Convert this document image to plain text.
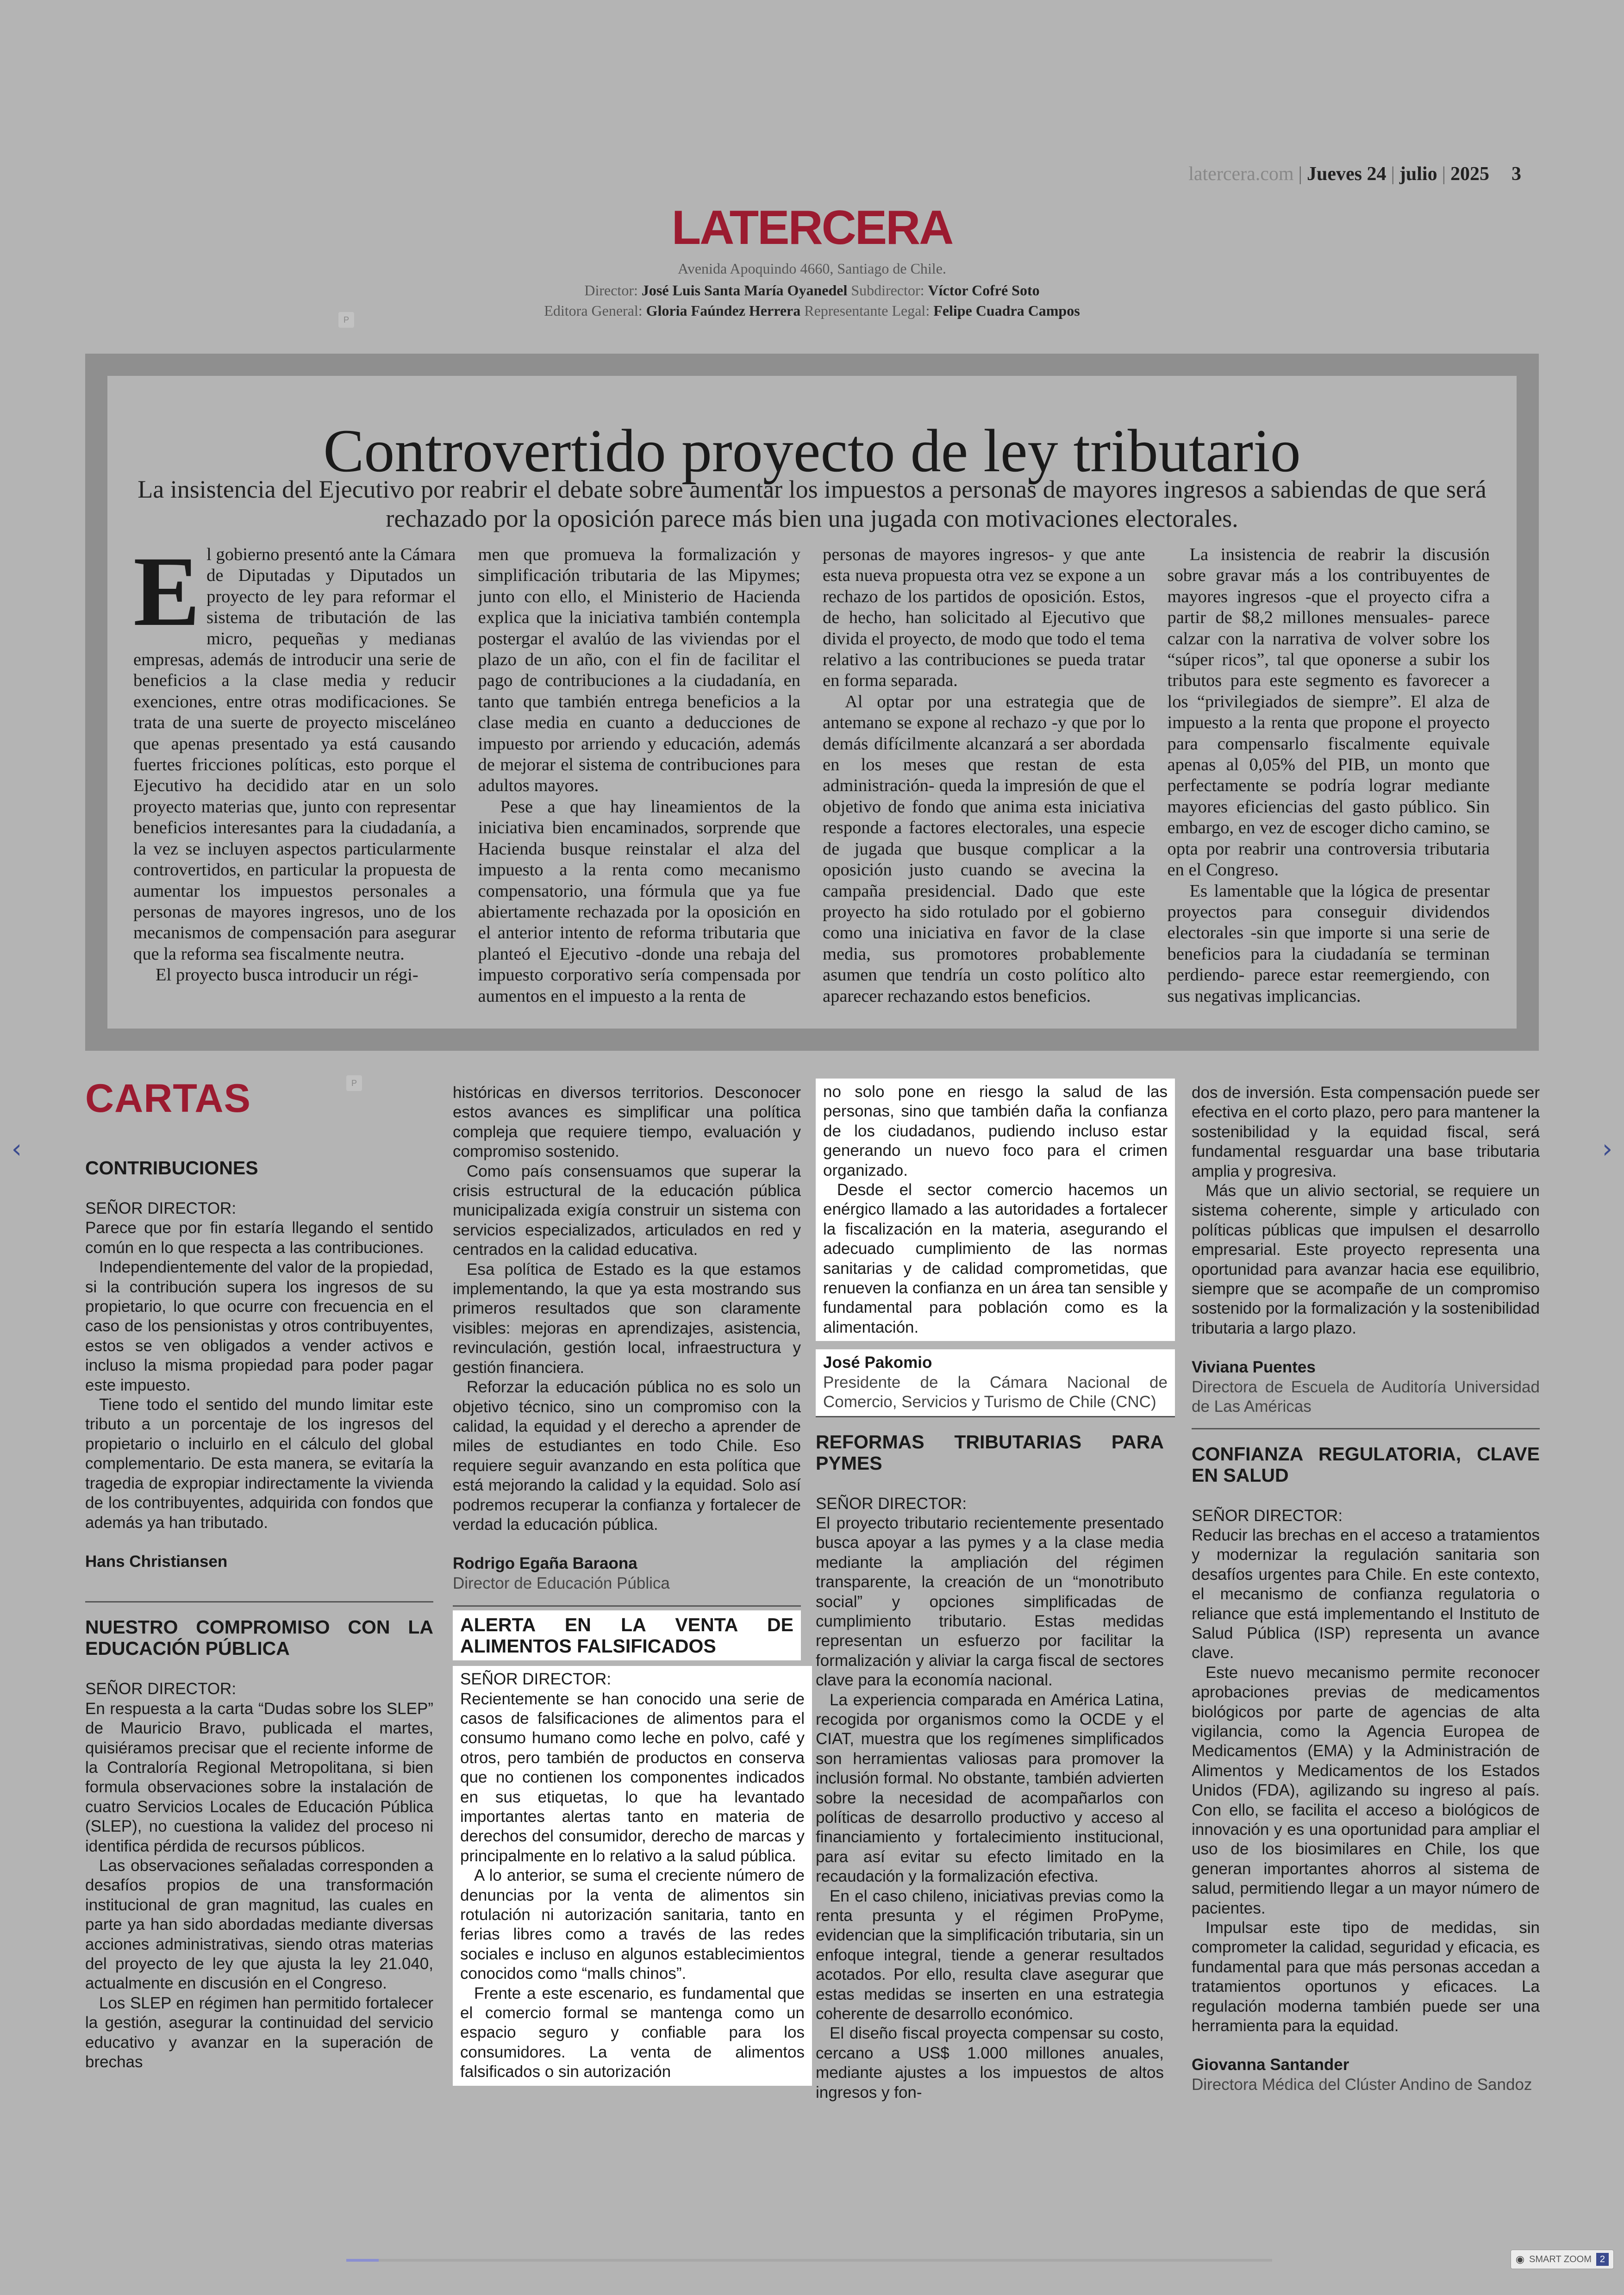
latercera.com | Jueves 24 | julio | 2025 3
LATERCERA
Avenida Apoquindo 4660, Santiago de Chile.
Director: José Luis Santa María Oyanedel Subdirector: Víctor Cofré Soto
Editora General: Gloria Faúndez Herrera Representante Legal: Felipe Cuadra Campos
P
Controvertido proyecto de ley tributario
La insistencia del Ejecutivo por reabrir el debate sobre aumentar los impuestos a personas de mayores ingresos a sabiendas de que será rechazado por la oposición parece más bien una jugada con motivaciones electorales.

El gobierno presentó ante la Cámara de Diputadas y Diputados un proyecto de ley para reformar el sistema de tributación de las micro, pequeñas y medianas empresas, además de introducir una serie de beneficios a la clase media y reducir exenciones, entre otras modificaciones. Se trata de una suerte de proyecto misceláneo que apenas presentado ya está causando fuertes fricciones políticas, esto porque el Ejecutivo ha decidido atar en un solo proyecto materias que, junto con representar beneficios interesantes para la ciudadanía, a la vez se incluyen aspectos particularmente controvertidos, en particular la propuesta de aumentar los impuestos personales a personas de mayores ingresos, uno de los mecanismos de compensación para asegurar que la reforma sea fiscalmente neutra.

El proyecto busca introducir un régi-

men que promueva la formalización y simplificación tributaria de las Mipymes; junto con ello, el Ministerio de Hacienda explica que la iniciativa también contempla postergar el avalúo de las viviendas por el plazo de un año, con el fin de facilitar el pago de contribuciones a la ciudadanía, en tanto que también entrega beneficios a la clase media en cuanto a deducciones de impuesto por arriendo y educación, además de mejorar el sistema de contribuciones para adultos mayores.

Pese a que hay lineamientos de la iniciativa bien encaminados, sorprende que Hacienda busque reinstalar el alza del impuesto a la renta como mecanismo compensatorio, una fórmula que ya fue abiertamente rechazada por la oposición en el anterior intento de reforma tributaria que planteó el Ejecutivo -donde una rebaja del impuesto corporativo sería compensada por aumentos en el impuesto a la renta de

personas de mayores ingresos- y que ante esta nueva propuesta otra vez se expone a un rechazo de los partidos de oposición. Estos, de hecho, han solicitado al Ejecutivo que divida el proyecto, de modo que todo el tema relativo a las contribuciones se pueda tratar en forma separada.

Al optar por una estrategia que de antemano se expone al rechazo -y que por lo demás difícilmente alcanzará a ser abordada en los meses que restan de esta administración- queda la impresión de que el objetivo de fondo que anima esta iniciativa responde a factores electorales, una especie de jugada que busque complicar a la oposición justo cuando se avecina la campaña presidencial. Dado que este proyecto ha sido rotulado por el gobierno como una iniciativa en favor de la clase media, sus promotores probablemente asumen que tendría un costo político alto aparecer rechazando estos beneficios.

La insistencia de reabrir la discusión sobre gravar más a los contribuyentes de mayores ingresos -que el proyecto cifra a partir de $8,2 millones mensuales- parece calzar con la narrativa de volver sobre los “súper ricos”, tal que oponerse a subir los tributos para este segmento es favorecer a los “privilegiados de siempre”. El alza de impuesto a la renta que propone el proyecto para compensarlo fiscalmente equivale apenas al 0,05% del PIB, un monto que perfectamente se podría lograr mediante mayores eficiencias del gasto público. Sin embargo, en vez de escoger dicho camino, se opta por reabrir una controversia tributaria en el Congreso.

Es lamentable que la lógica de presentar proyectos para conseguir dividendos electorales -sin que importe si una serie de beneficios para la ciudadanía se terminan perdiendo- parece estar reemergiendo, con sus negativas implicancias.

CARTAS	P

CONTRIBUCIONES

SEÑOR DIRECTOR:

Parece que por fin estaría llegando el sentido común en lo que respecta a las contribuciones.

Independientemente del valor de la propiedad, si la contribución supera los ingresos de su propietario, lo que ocurre con frecuencia en el caso de los pensionistas y otros contribuyentes, estos se ven obligados a vender activos e incluso la misma propiedad para poder pagar este impuesto.

Tiene todo el sentido del mundo limitar este tributo a un porcentaje de los ingresos del propietario o incluirlo en el cálculo del global complementario. De esta manera, se evitaría la tragedia de expropiar indirectamente la vivienda de los contribuyentes, adquirida con fondos que además ya han tributado.

Hans Christiansen

NUESTRO COMPROMISO CON LA EDUCACIÓN PÚBLICA

SEÑOR DIRECTOR:

En respuesta a la carta “Dudas sobre los SLEP” de Mauricio Bravo, publicada el martes, quisiéramos precisar que el reciente informe de la Contraloría Regional Metropolitana, si bien formula observaciones sobre la instalación de cuatro Servicios Locales de Educación Pública (SLEP), no cuestiona la validez del proceso ni identifica pérdida de recursos públicos.

Las observaciones señaladas corresponden a desafíos propios de una transformación institucional de gran magnitud, las cuales en parte ya han sido abordadas mediante diversas acciones administrativas, siendo otras materias del proyecto de ley que ajusta la ley 21.040, actualmente en discusión en el Congreso.

Los SLEP en régimen han permitido fortalecer la gestión, asegurar la continuidad del servicio educativo y avanzar en la superación de brechas

históricas en diversos territorios. Desconocer estos avances es simplificar una política compleja que requiere tiempo, evaluación y compromiso sostenido.

Como país consensuamos que superar la crisis estructural de la educación pública municipalizada exigía construir un sistema con servicios especializados, articulados en red y centrados en la calidad educativa.

Esa política de Estado es la que estamos implementando, la que ya esta mostrando sus primeros resultados que son claramente visibles: mejoras en aprendizajes, asistencia, revinculación, gestión local, infraestructura y gestión financiera.

Reforzar la educación pública no es solo un objetivo técnico, sino un compromiso con la calidad, la equidad y el derecho a aprender de miles de estudiantes en todo Chile. Eso requiere seguir avanzando en esta política que está mejorando la calidad y la equidad. Solo así podremos recuperar la confianza y fortalecer de verdad la educación pública.

Rodrigo Egaña Baraona

Director de Educación Pública

ALERTA EN LA VENTA DE ALIMENTOS FALSIFICADOS

SEÑOR DIRECTOR:

Recientemente se han conocido una serie de casos de falsificaciones de alimentos para el consumo humano como leche en polvo, café y otros, pero también de productos en conserva que no contienen los componentes indicados en sus etiquetas, lo que ha levantado importantes alertas tanto en materia de derechos del consumidor, derecho de marcas y principalmente en lo relativo a la salud pública.

A lo anterior, se suma el creciente número de denuncias por la venta de alimentos sin rotulación ni autorización sanitaria, tanto en ferias libres como a través de las redes sociales e incluso en algunos establecimientos conocidos como “malls chinos”.

Frente a este escenario, es fundamental que el comercio formal se mantenga como un espacio seguro y confiable para los consumidores. La venta de alimentos falsificados o sin autorización

no solo pone en riesgo la salud de las personas, sino que también daña la confianza de los ciudadanos, pudiendo incluso estar generando un nuevo foco para el crimen organizado.

Desde el sector comercio hacemos un enérgico llamado a las autoridades a fortalecer la fiscalización en la materia, asegurando el adecuado cumplimiento de las normas sanitarias y de calidad comprometidas, que renueven la confianza en un área tan sensible y fundamental para población como es la alimentación.

José Pakomio

Presidente de la Cámara Nacional de Comercio, Servicios y Turismo de Chile (CNC)

REFORMAS TRIBUTARIAS PARA PYMES

SEÑOR DIRECTOR:

El proyecto tributario recientemente presentado busca apoyar a las pymes y a la clase media mediante la ampliación del régimen transparente, la creación de un “monotributo social” y opciones simplificadas de cumplimiento tributario. Estas medidas representan un esfuerzo por facilitar la formalización y aliviar la carga fiscal de sectores clave para la economía nacional.

La experiencia comparada en América Latina, recogida por organismos como la OCDE y el CIAT, muestra que los regímenes simplificados son herramientas valiosas para promover la inclusión formal. No obstante, también advierten sobre la necesidad de acompañarlos con políticas de desarrollo productivo y acceso al financiamiento y fortalecimiento institucional, para así evitar su efecto limitado en la recaudación y la formalización efectiva.

En el caso chileno, iniciativas previas como la renta presunta y el régimen ProPyme, evidencian que la simplificación tributaria, sin un enfoque integral, tiende a generar resultados acotados. Por ello, resulta clave asegurar que estas medidas se inserten en una estrategia coherente de desarrollo económico.

El diseño fiscal proyecta compensar su costo, cercano a US$ 1.000 millones anuales, mediante ajustes a los impuestos de altos ingresos y fon-

dos de inversión. Esta compensación puede ser efectiva en el corto plazo, pero para mantener la sostenibilidad y la equidad fiscal, será fundamental resguardar una base tributaria amplia y progresiva.

Más que un alivio sectorial, se requiere un sistema coherente, simple y articulado con políticas públicas que impulsen el desarrollo empresarial. Este proyecto representa una oportunidad para avanzar hacia ese equilibrio, siempre que se acompañe de un compromiso sostenido por la formalización y la sostenibilidad tributaria a largo plazo.

Viviana Puentes

Directora de Escuela de Auditoría Universidad de Las Américas

CONFIANZA REGULATORIA, CLAVE EN SALUD

SEÑOR DIRECTOR:

Reducir las brechas en el acceso a tratamientos y modernizar la regulación sanitaria son desafíos urgentes para Chile. En este contexto, el mecanismo de confianza regulatoria o reliance que está implementando el Instituto de Salud Pública (ISP) representa un avance clave.

Este nuevo mecanismo permite reconocer aprobaciones previas de medicamentos biológicos por parte de agencias de alta vigilancia, como la Agencia Europea de Medicamentos (EMA) y la Administración de Alimentos y Medicamentos de los Estados Unidos (FDA), agilizando su ingreso al país. Con ello, se facilita el acceso a biológicos de innovación y es una oportunidad para ampliar el uso de los biosimilares en Chile, los que generan importantes ahorros al sistema de salud, permitiendo llegar a un mayor número de pacientes.

Impulsar este tipo de medidas, sin comprometer la calidad, seguridad y eficacia, es fundamental para que más personas accedan a tratamientos oportunos y eficaces. La regulación moderna también puede ser una herramienta para la equidad.

Giovanna Santander

Directora Médica del Clúster Andino de Sandoz

‹	›
◉ SMART ZOOM 2
